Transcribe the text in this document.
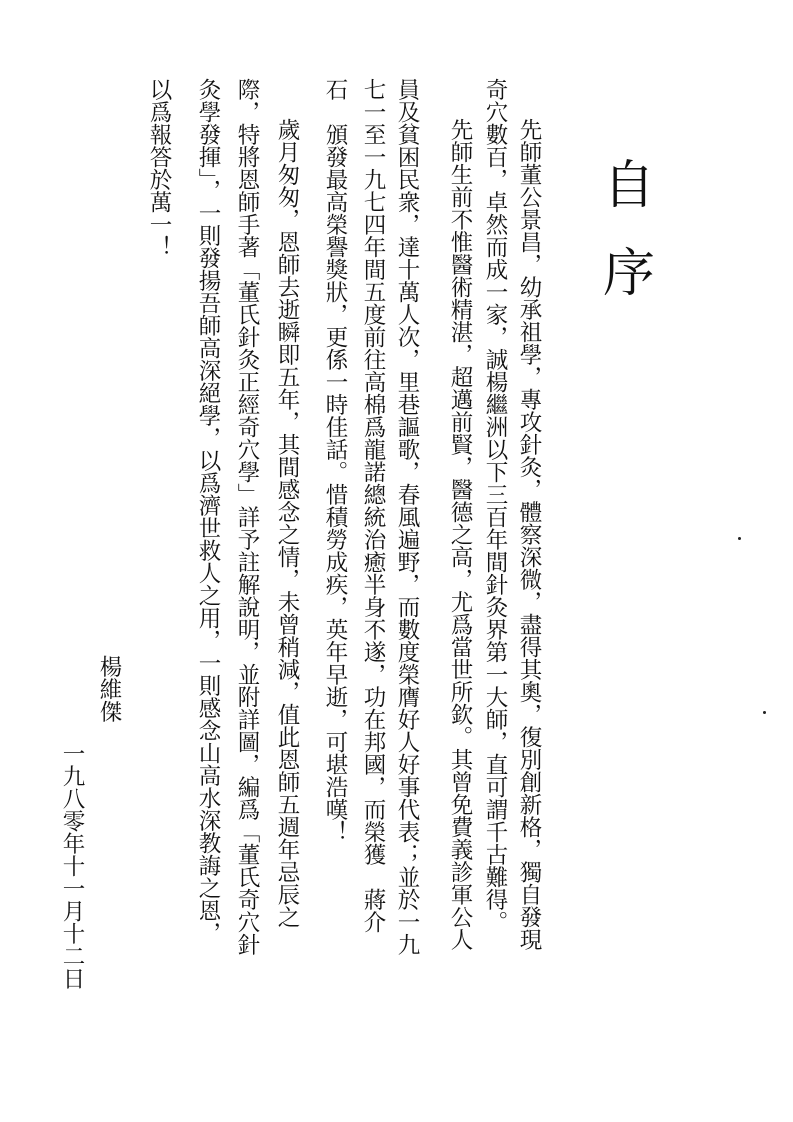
自
序
先師董公景昌，幼承祖學，專攻針灸，體察深微，盡得其奧，復別創新格，獨自發現
奇穴數百，卓然而成一家，誠楊繼洲以下三百年間針灸界第一大師，直可謂千古難得。
先師生前不惟醫術精湛，超邁前賢，醫德之高，尤爲當世所欽。其曾免費義診軍公人
員及貧困民衆，達十萬人次，里巷謳歌，春風遍野，而數度榮膺好人好事代表；並於一九
七一至一九七四年間五度前往高棉爲龍諾總統治癒半身不遂，功在邦國，而榮獲　蔣介
石　頒發最高榮譽獎狀，更係一時佳話。惜積勞成疾，英年早逝，可堪浩嘆！
歲月匆匆，恩師去逝瞬即五年，其間感念之情，未曾稍減，值此恩師五週年忌辰之
際，特將恩師手著「董氏針灸正經奇穴學」詳予註解說明，並附詳圖，編爲「董氏奇穴針
灸學發揮」，一則發揚吾師高深絕學，以爲濟世救人之用，一則感念山高水深教誨之恩，
以爲報答於萬一！
楊維傑
一九八零年十一月十二日
